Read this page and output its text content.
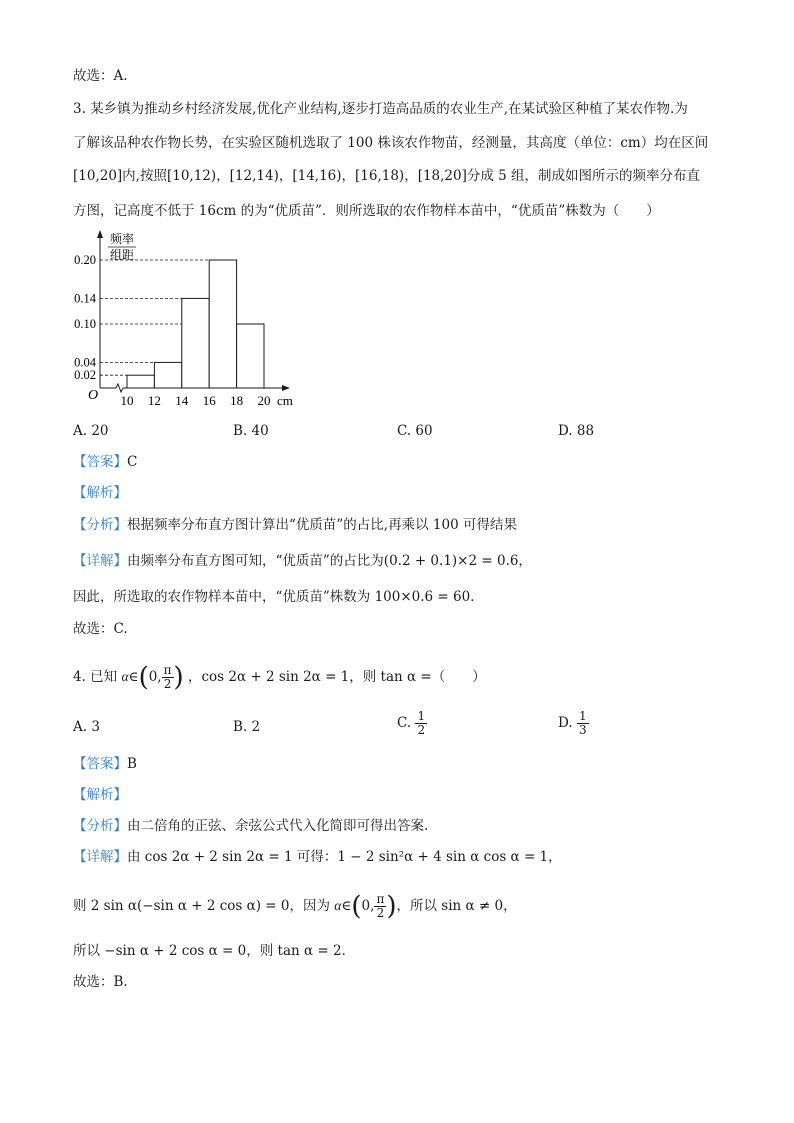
故选：A.
3. 某乡镇为推动乡村经济发展,优化产业结构,逐步打造高品质的农业生产,在某试验区种植了某农作物.为
了解该品种农作物长势，在实验区随机选取了 100 株该农作物苗，经测量，其高度（单位：cm）均在区间
[10,20]内,按照[10,12)，[12,14)，[14,16)，[16,18)，[18,20]分成 5 组，制成如图所示的频率分布直
方图，记高度不低于 16cm 的为“优质苗”．则所选取的农作物样本苗中，“优质苗”株数为（　　）
0.02
0.04
0.10
0.14
0.20
10 12 14 16 18 20
频率
组距
O	cm
A. 20	B. 40	C. 60	D. 88
【答案】C
【解析】
【分析】根据频率分布直方图计算出“优质苗”的占比,再乘以 100 可得结果
【详解】由频率分布直方图可知，“优质苗”的占比为(0.2 + 0.1)×2 = 0.6，
因此，所选取的农作物样本苗中，“优质苗”株数为 100×0.6 = 60．
故选：C.
4. 已知 α∈(0, $\frac{\pi}{2}$ ) ，cos 2α + 2 sin 2α = 1，则 tan α =（　　）
A. 3	B. 2	C. $\frac{1}{2}$	D. $\frac{1}{3}$
【答案】B
【解析】
【分析】由二倍角的正弦、余弦公式代入化简即可得出答案.
【详解】由 cos 2α + 2 sin 2α = 1 可得：1 − 2 sin²α + 4 sin α cos α = 1，
则 2 sin α(−sin α + 2 cos α) = 0，因为 α∈(0, $\frac{\pi}{2}$ )，所以 sin α ≠ 0，
所以 −sin α + 2 cos α = 0，则 tan α = 2．
故选：B.
